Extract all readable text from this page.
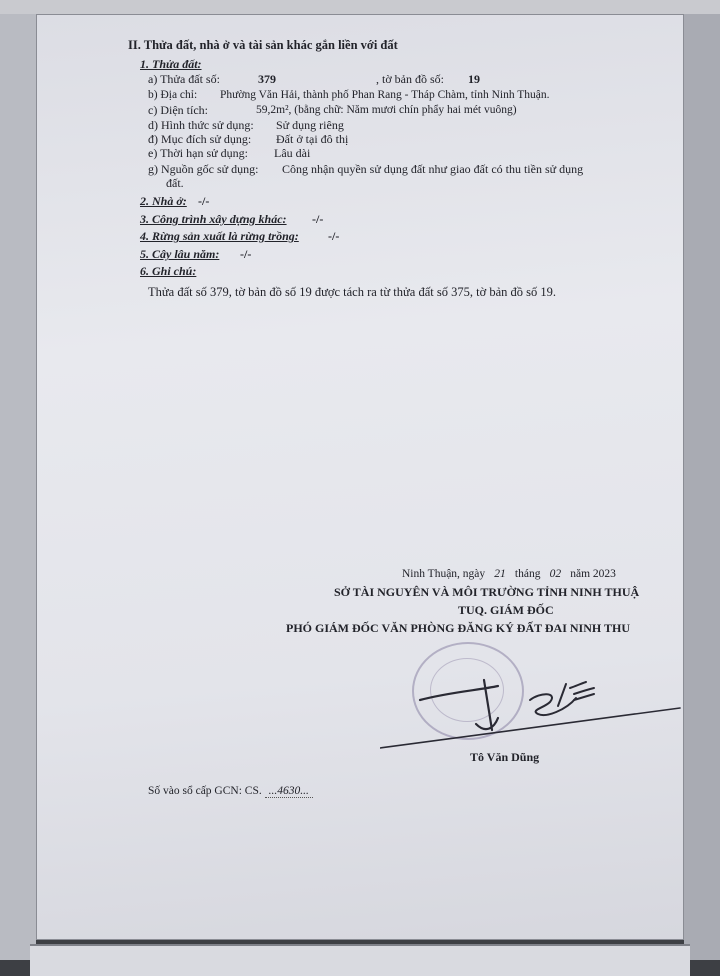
II. Thửa đất, nhà ở và tài sản khác gắn liền với đất
1. Thửa đất:
a) Thửa đất số:	379	, tờ bản đồ số: 19
b) Địa chỉ: Phường Văn Hải, thành phố Phan Rang - Tháp Chàm, tỉnh Ninh Thuận.
c) Diện tích:	59,2m², (bằng chữ: Năm mươi chín phẩy hai mét vuông)
d) Hình thức sử dụng: Sử dụng riêng
đ) Mục đích sử dụng: Đất ở tại đô thị
e) Thời hạn sử dụng: Lâu dài
g) Nguồn gốc sử dụng: Công nhận quyền sử dụng đất như giao đất có thu tiền sử dụng
đất.
2. Nhà ở: -/-
3. Công trình xây dựng khác: -/-
4. Rừng sản xuất là rừng trồng: -/-
5. Cây lâu năm: -/-
6. Ghi chú:
Thửa đất số 379, tờ bản đồ số 19 được tách ra từ thửa đất số 375, tờ bản đồ số 19.
Ninh Thuận, ngày 21 tháng 02 năm 2023
SỞ TÀI NGUYÊN VÀ MÔI TRƯỜNG TỈNH NINH THUẬ
TUQ. GIÁM ĐỐC
PHÓ GIÁM ĐỐC VĂN PHÒNG ĐĂNG KÝ ĐẤT ĐAI NINH THU
Tô Văn Dũng
Số vào sổ cấp GCN: CS. ...4630...
